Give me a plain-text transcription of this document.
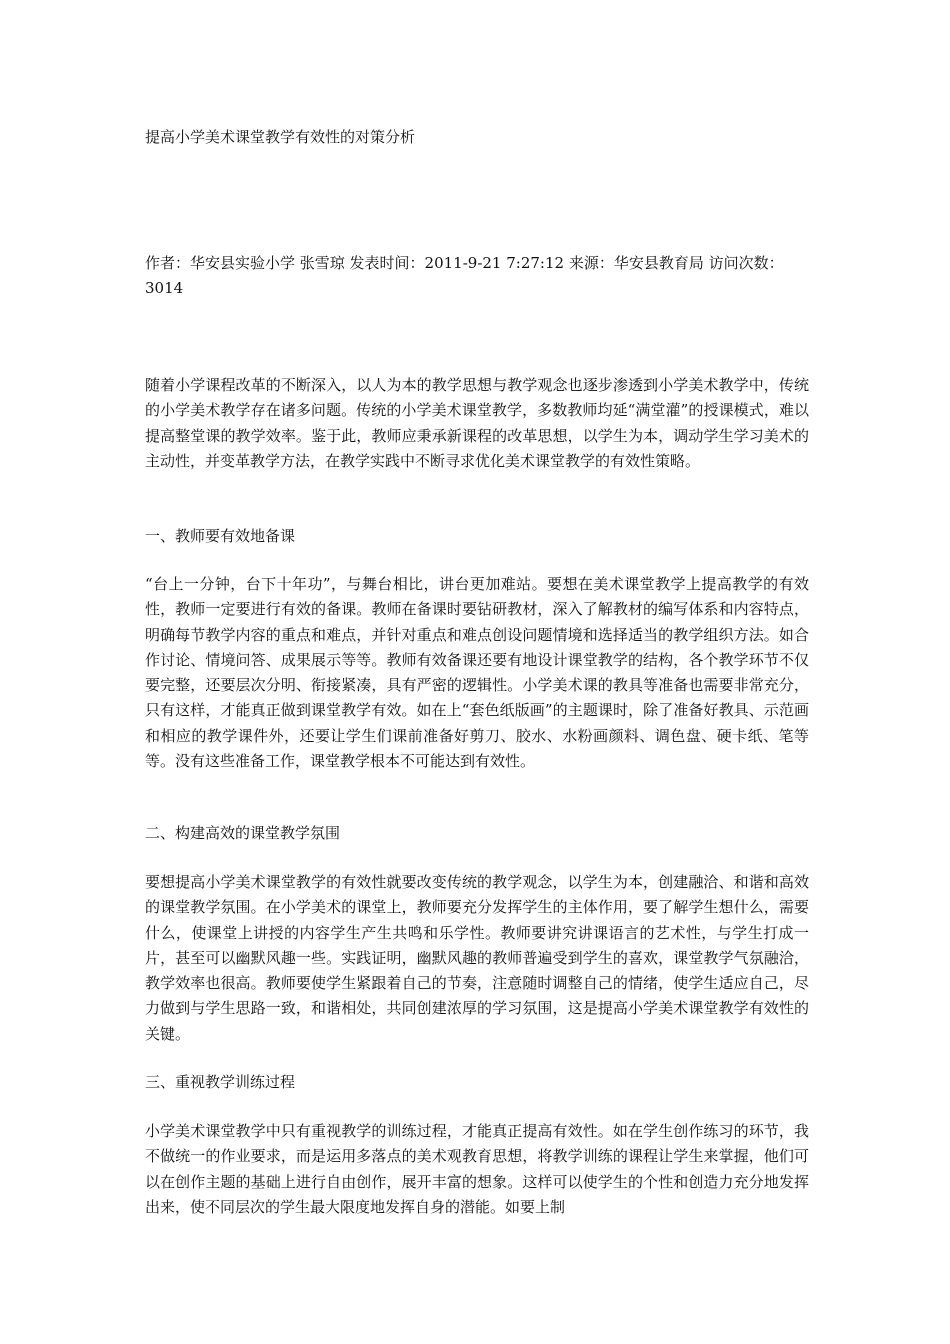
提高小学美术课堂教学有效性的对策分析
作者：华安县实验小学 张雪琼 发表时间：2011-9-21 7:27:12 来源：华安县教育局 访问次数：3014

随着小学课程改革的不断深入，以人为本的教学思想与教学观念也逐步渗透到小学美术教学中，传统的小学美术教学存在诸多问题。传统的小学美术课堂教学，多数教师均延“满堂灌”的授课模式，难以提高整堂课的教学效率。鉴于此，教师应秉承新课程的改革思想，以学生为本，调动学生学习美术的主动性，并变革教学方法，在教学实践中不断寻求优化美术课堂教学的有效性策略。

一、教师要有效地备课

“台上一分钟，台下十年功”，与舞台相比，讲台更加难站。要想在美术课堂教学上提高教学的有效性，教师一定要进行有效的备课。教师在备课时要钻研教材，深入了解教材的编写体系和内容特点，明确每节教学内容的重点和难点，并针对重点和难点创设问题情境和选择适当的教学组织方法。如合作讨论、情境问答、成果展示等等。教师有效备课还要有地设计课堂教学的结构，各个教学环节不仅要完整，还要层次分明、衔接紧凑，具有严密的逻辑性。小学美术课的教具等准备也需要非常充分，只有这样，才能真正做到课堂教学有效。如在上“套色纸版画”的主题课时，除了准备好教具、示范画和相应的教学课件外，还要让学生们课前准备好剪刀、胶水、水粉画颜料、调色盘、硬卡纸、笔等等。没有这些准备工作，课堂教学根本不可能达到有效性。

二、构建高效的课堂教学氛围

要想提高小学美术课堂教学的有效性就要改变传统的教学观念，以学生为本，创建融洽、和谐和高效的课堂教学氛围。在小学美术的课堂上，教师要充分发挥学生的主体作用，要了解学生想什么，需要什么，使课堂上讲授的内容学生产生共鸣和乐学性。教师要讲究讲课语言的艺术性，与学生打成一片，甚至可以幽默风趣一些。实践证明，幽默风趣的教师普遍受到学生的喜欢，课堂教学气氛融洽，教学效率也很高。教师要使学生紧跟着自己的节奏，注意随时调整自己的情绪，使学生适应自己，尽力做到与学生思路一致，和谐相处，共同创建浓厚的学习氛围，这是提高小学美术课堂教学有效性的关键。

三、重视教学训练过程

小学美术课堂教学中只有重视教学的训练过程，才能真正提高有效性。如在学生创作练习的环节，我不做统一的作业要求，而是运用多落点的美术观教育思想，将教学训练的课程让学生来掌握，他们可以在创作主题的基础上进行自由创作，展开丰富的想象。这样可以使学生的个性和创造力充分地发挥出来，使不同层次的学生最大限度地发挥自身的潜能。如要上制
